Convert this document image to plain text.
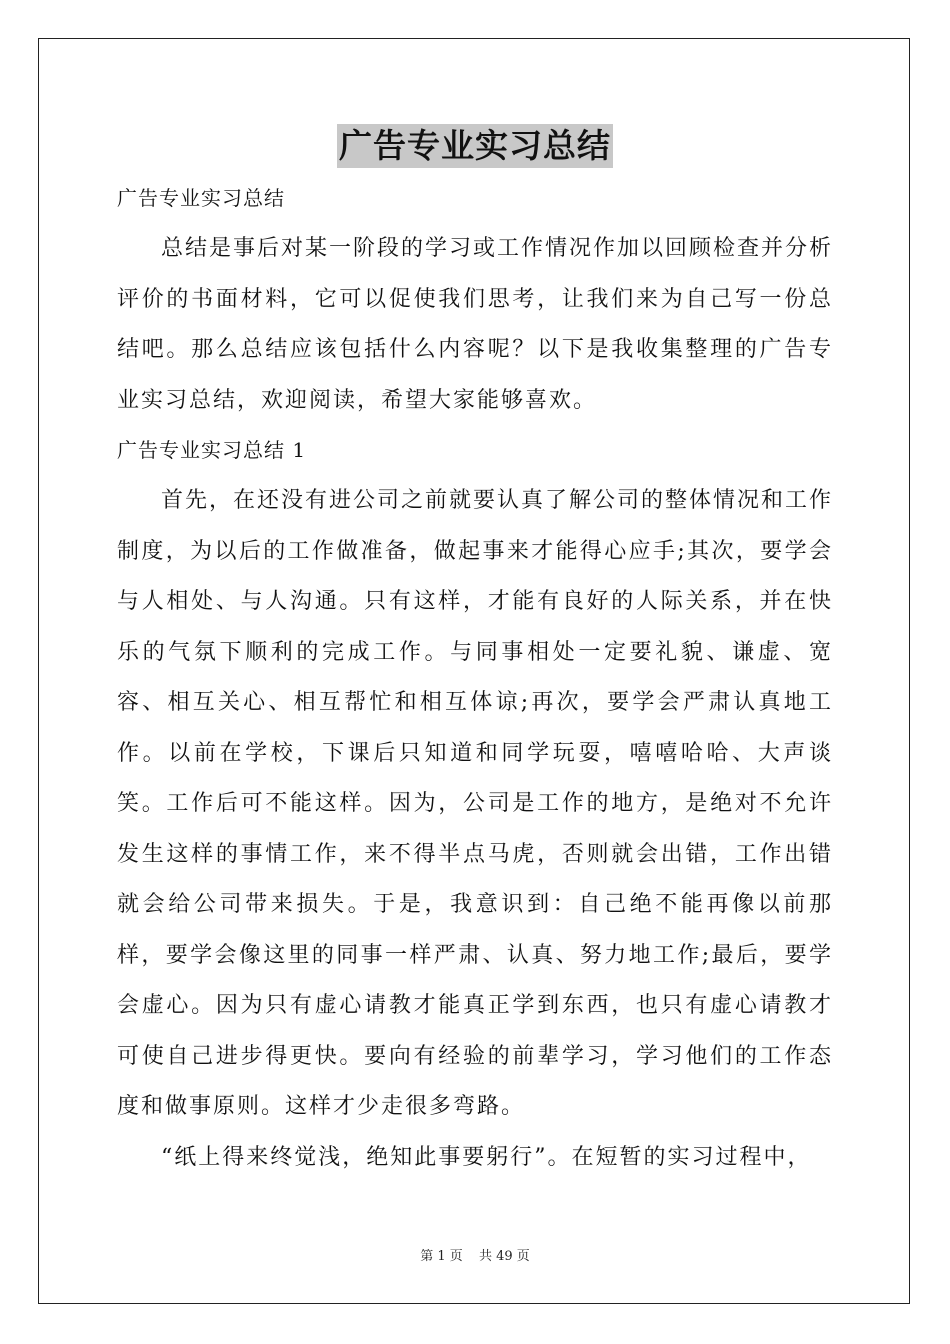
广告专业实习总结
广告专业实习总结

总结是事后对某一阶段的学习或工作情况作加以回顾检查并分析评价的书面材料，它可以促使我们思考，让我们来为自己写一份总结吧。那么总结应该包括什么内容呢？以下是我收集整理的广告专业实习总结，欢迎阅读，希望大家能够喜欢。

广告专业实习总结 1

首先，在还没有进公司之前就要认真了解公司的整体情况和工作制度，为以后的工作做准备，做起事来才能得心应手;其次，要学会与人相处、与人沟通。只有这样，才能有良好的人际关系，并在快乐的气氛下顺利的完成工作。与同事相处一定要礼貌、谦虚、宽容、相互关心、相互帮忙和相互体谅;再次，要学会严肃认真地工作。以前在学校，下课后只知道和同学玩耍，嘻嘻哈哈、大声谈笑。工作后可不能这样。因为，公司是工作的地方，是绝对不允许发生这样的事情工作，来不得半点马虎，否则就会出错，工作出错就会给公司带来损失。于是，我意识到：自己绝不能再像以前那样，要学会像这里的同事一样严肃、认真、努力地工作;最后，要学会虚心。因为只有虚心请教才能真正学到东西，也只有虚心请教才可使自己进步得更快。要向有经验的前辈学习，学习他们的工作态度和做事原则。这样才少走很多弯路。

“纸上得来终觉浅，绝知此事要躬行”。在短暂的实习过程中，

第 1 页 共 49 页
